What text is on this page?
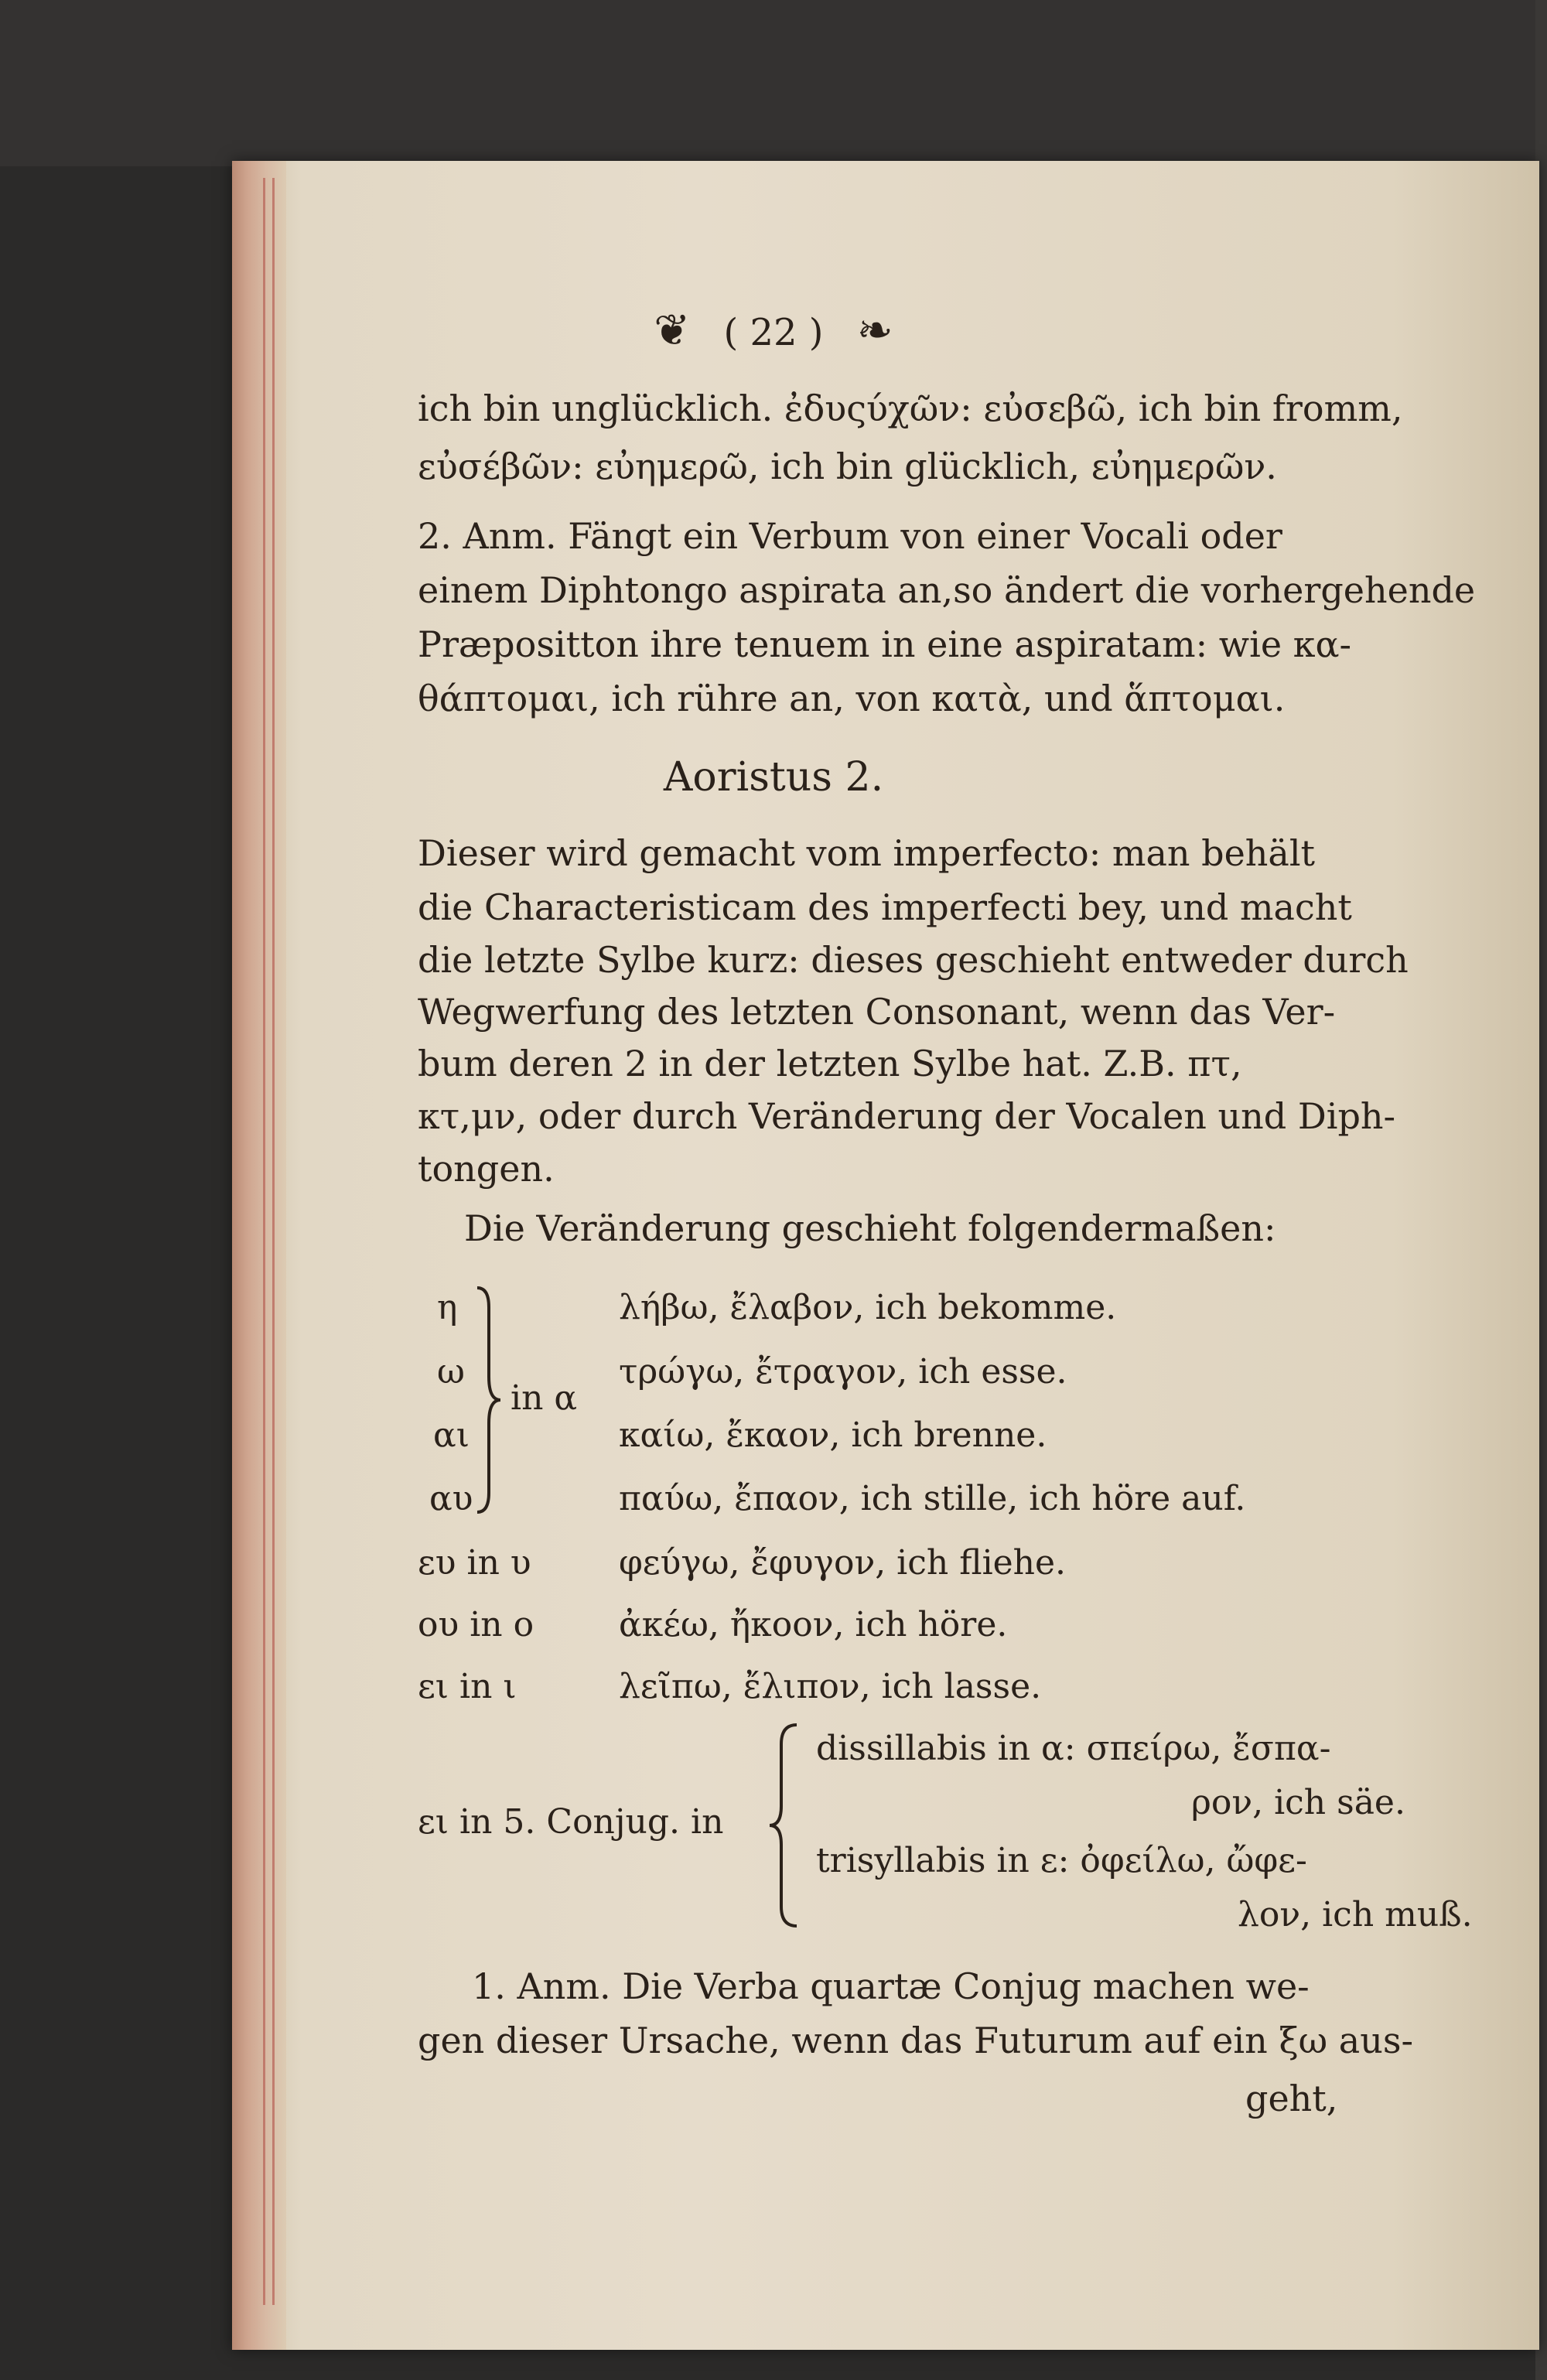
❦ ( 22 ) ❧
ich bin unglücklich. ἐδυςύχῶν: εὐσεβῶ, ich bin fromm,
εὐσέβῶν: εὐημερῶ, ich bin glücklich, εὐημερῶν.
2. Anm. Fängt ein Verbum von einer Vocali oder
einem Diphtongo aspirata an,so ändert die vorhergehende
Præpositton ihre tenuem in eine aspiratam: wie κα-
θάπτομαι, ich rühre an, von κατὰ, und ἅπτομαι.
Aoristus 2.
Dieser wird gemacht vom imperfecto: man behält
die Characteristicam des imperfecti bey, und macht
die letzte Sylbe kurz: dieses geschieht entweder durch
Wegwerfung des letzten Consonant, wenn das Ver-
bum deren 2 in der letzten Sylbe hat. Z.B. πτ,
κτ,μν, oder durch Veränderung der Vocalen und Diph-
tongen.
Die Veränderung geschieht folgendermaßen:
η
ω
αι
αυ
in α
λήβω, ἔλαβον, ich bekomme.
τρώγω, ἔτραγον, ich esse.
καίω, ἔκαον, ich brenne.
παύω, ἔπαον, ich stille, ich höre auf.
ευ in υ	φεύγω, ἔφυγον, ich fliehe.
ου in ο ἀκέω, ἤκοον, ich höre.
ει in ι	λεῖπω, ἔλιπον, ich lasse.
ει in 5. Conjug. in
dissillabis in α: σπείρω, ἔσπα-
ρον, ich säe.
trisyllabis in ε: ὀφείλω, ὤφε-
λον, ich muß.
1. Anm. Die Verba quartæ Conjug machen we-
gen dieser Ursache, wenn das Futurum auf ein ξω aus-
geht,
